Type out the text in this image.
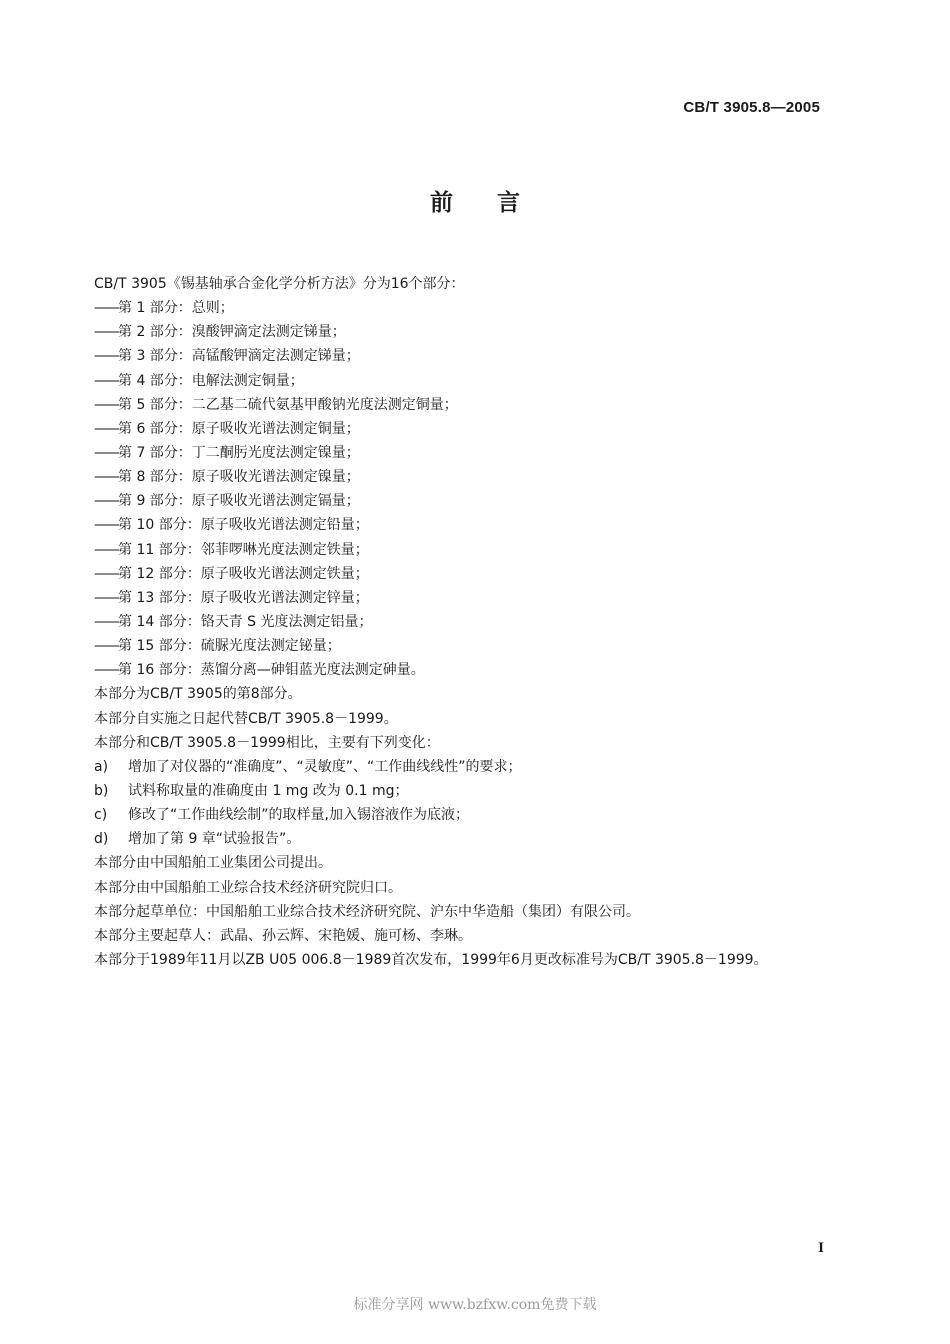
CB/T 3905.8—2005
前 言
CB/T 3905《锡基轴承合金化学分析方法》分为16个部分：
——第 1 部分：总则；
——第 2 部分：溴酸钾滴定法测定锑量；
——第 3 部分：高锰酸钾滴定法测定锑量；
——第 4 部分：电解法测定铜量；
——第 5 部分：二乙基二硫代氨基甲酸钠光度法测定铜量；
——第 6 部分：原子吸收光谱法测定铜量；
——第 7 部分：丁二酮肟光度法测定镍量；
——第 8 部分：原子吸收光谱法测定镍量；
——第 9 部分：原子吸收光谱法测定镉量；
——第 10 部分：原子吸收光谱法测定铅量；
——第 11 部分：邻菲啰啉光度法测定铁量；
——第 12 部分：原子吸收光谱法测定铁量；
——第 13 部分：原子吸收光谱法测定锌量；
——第 14 部分：铬天青 S 光度法测定铝量；
——第 15 部分：硫脲光度法测定铋量；
——第 16 部分：蒸馏分离—砷钼蓝光度法测定砷量。
本部分为CB/T 3905的第8部分。
本部分自实施之日起代替CB/T 3905.8－1999。
本部分和CB/T 3905.8－1999相比，主要有下列变化：
a) 增加了对仪器的“准确度”、“灵敏度”、“工作曲线线性”的要求；
b) 试料称取量的准确度由 1 mg 改为 0.1 mg；
c) 修改了“工作曲线绘制”的取样量,加入锡溶液作为底液；
d) 增加了第 9 章“试验报告”。
本部分由中国船舶工业集团公司提出。
本部分由中国船舶工业综合技术经济研究院归口。
本部分起草单位：中国船舶工业综合技术经济研究院、沪东中华造船（集团）有限公司。
本部分主要起草人：武晶、孙云辉、宋艳媛、施可杨、李琳。
本部分于1989年11月以ZB U05 006.8－1989首次发布，1999年6月更改标准号为CB/T 3905.8－1999。
I
标准分享网 www.bzfxw.com免费下载
